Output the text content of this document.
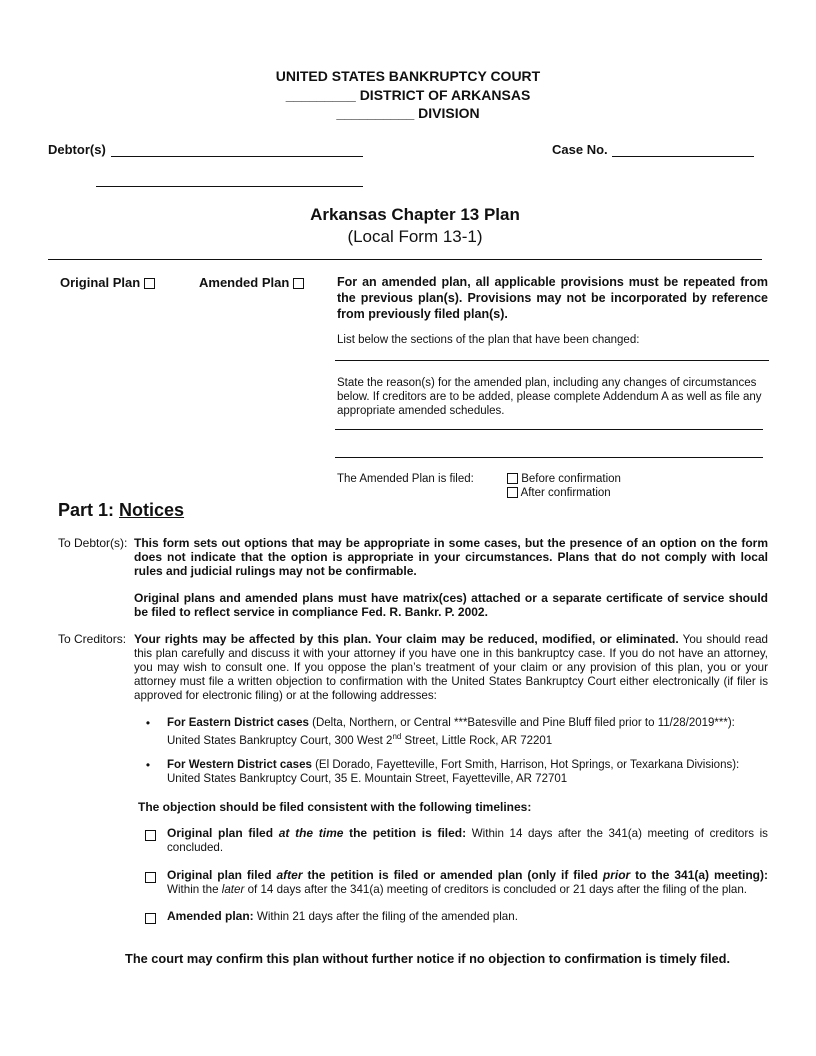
UNITED STATES BANKRUPTCY COURT
_________ DISTRICT OF ARKANSAS
__________ DIVISION
Debtor(s)	Case No.
Arkansas Chapter 13 Plan
(Local Form 13-1)
Original Plan	Amended Plan	For an amended plan, all applicable provisions must be repeated from the previous plan(s). Provisions may not be incorporated by reference from previously filed plan(s).
List below the sections of the plan that have been changed:
State the reason(s) for the amended plan, including any changes of circumstances below. If creditors are to be added, please complete Addendum A as well as file any appropriate amended schedules.
The Amended Plan is filed:	Before confirmation
After confirmation
Part 1: Notices
To Debtor(s): This form sets out options that may be appropriate in some cases, but the presence of an option on the form does not indicate that the option is appropriate in your circumstances. Plans that do not comply with local rules and judicial rulings may not be confirmable.
Original plans and amended plans must have matrix(ces) attached or a separate certificate of service should be filed to reflect service in compliance Fed. R. Bankr. P. 2002.
To Creditors: Your rights may be affected by this plan. Your claim may be reduced, modified, or eliminated. You should read this plan carefully and discuss it with your attorney if you have one in this bankruptcy case. If you do not have an attorney, you may wish to consult one. If you oppose the plan’s treatment of your claim or any provision of this plan, you or your attorney must file a written objection to confirmation with the United States Bankruptcy Court either electronically (if filer is approved for electronic filing) or at the following addresses:
• For Eastern District cases (Delta, Northern, or Central ***Batesville and Pine Bluff filed prior to 11/28/2019***):
United States Bankruptcy Court, 300 West 2nd Street, Little Rock, AR 72201
• For Western District cases (El Dorado, Fayetteville, Fort Smith, Harrison, Hot Springs, or Texarkana Divisions):
United States Bankruptcy Court, 35 E. Mountain Street, Fayetteville, AR 72701
The objection should be filed consistent with the following timelines:
Original plan filed at the time the petition is filed: Within 14 days after the 341(a) meeting of creditors is concluded.
Original plan filed after the petition is filed or amended plan (only if filed prior to the 341(a) meeting): Within the later of 14 days after the 341(a) meeting of creditors is concluded or 21 days after the filing of the plan.
Amended plan: Within 21 days after the filing of the amended plan.
The court may confirm this plan without further notice if no objection to confirmation is timely filed.
